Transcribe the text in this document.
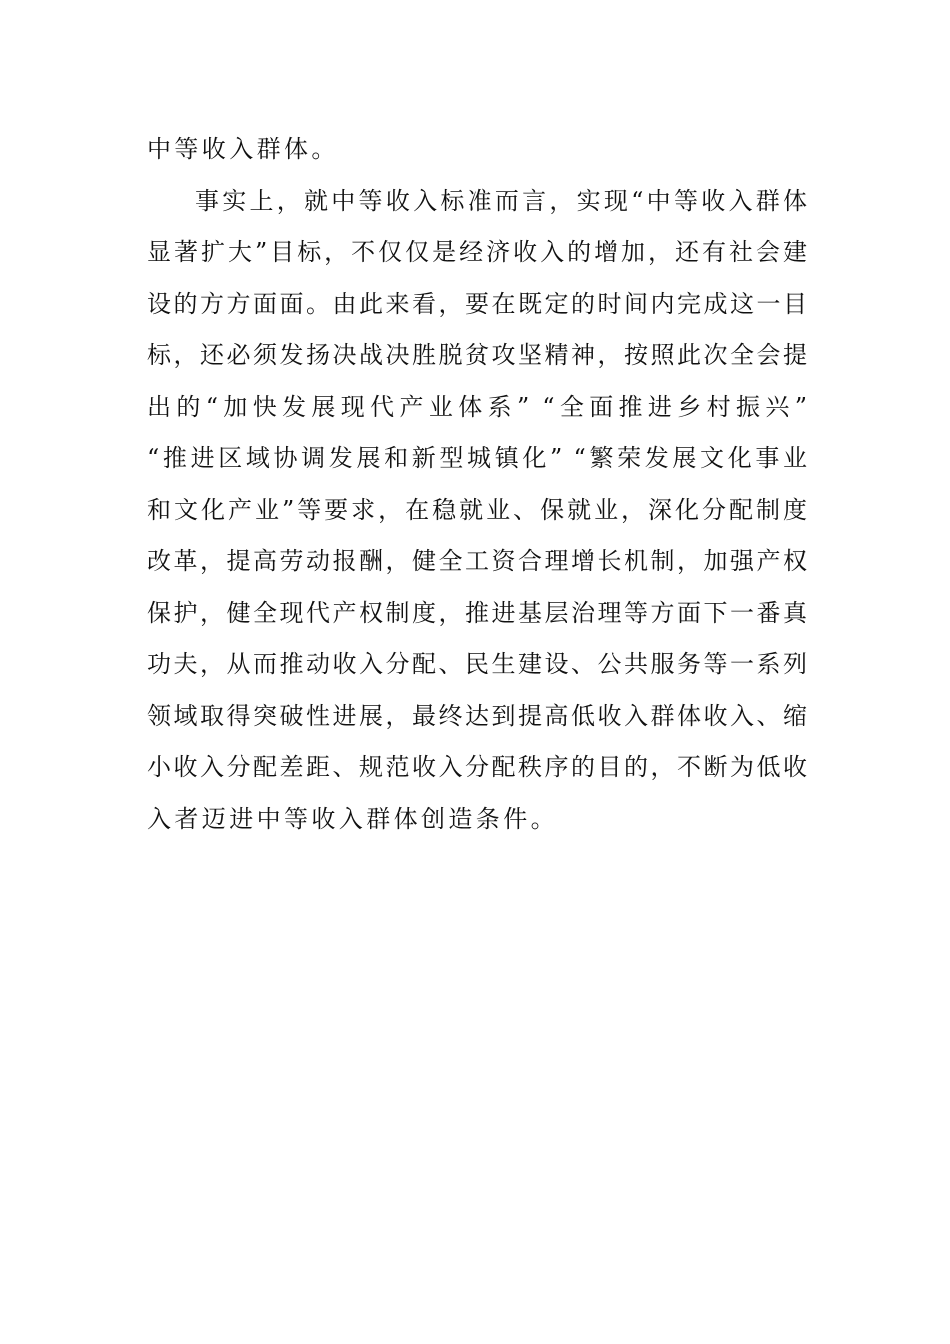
中等收入群体。
事实上，就中等收入标准而言，实现“中等收入群体
显著扩大”目标，不仅仅是经济收入的增加，还有社会建
设的方方面面。由此来看，要在既定的时间内完成这一目
标，还必须发扬决战决胜脱贫攻坚精神，按照此次全会提
出的“加快发展现代产业体系” “全面推进乡村振兴”
“推进区域协调发展和新型城镇化” “繁荣发展文化事业
和文化产业”等要求，在稳就业、保就业，深化分配制度
改革，提高劳动报酬，健全工资合理增长机制，加强产权
保护，健全现代产权制度，推进基层治理等方面下一番真
功夫，从而推动收入分配、民生建设、公共服务等一系列
领域取得突破性进展，最终达到提高低收入群体收入、缩
小收入分配差距、规范收入分配秩序的目的，不断为低收
入者迈进中等收入群体创造条件。
